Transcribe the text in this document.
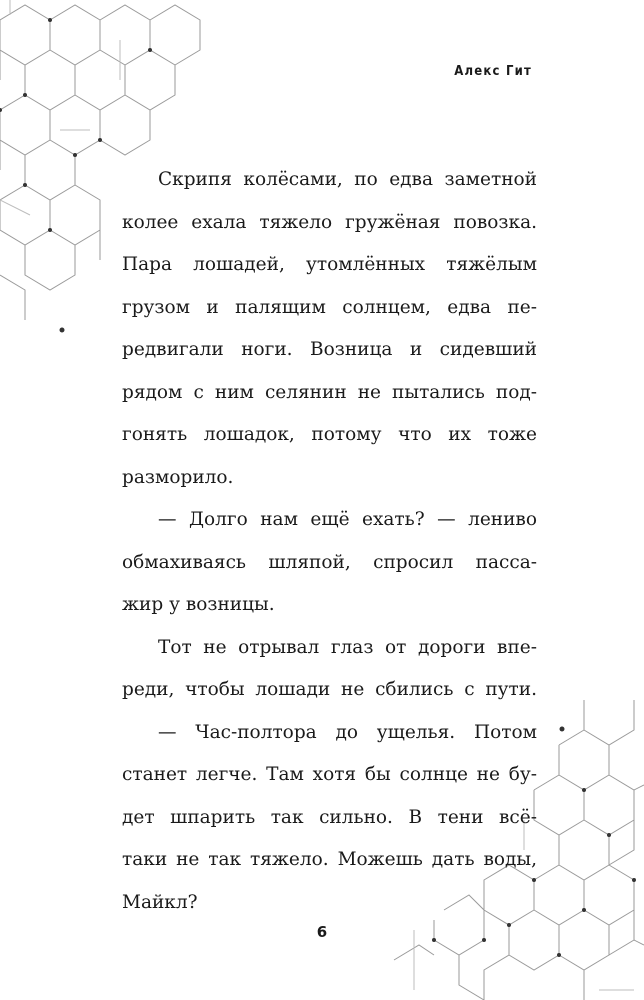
Алекс Гит
Скрипя колёсами, по едва заметной
колее ехала тяжело гружёная повозка.
Пара лошадей, утомлённых тяжёлым
грузом и палящим солнцем, едва пе-
редвигали ноги. Возница и сидевший
рядом с ним селянин не пытались под-
гонять лошадок, потому что их тоже
разморило.
— Долго нам ещё ехать? — лениво
обмахиваясь шляпой, спросил пасса-
жир у возницы.
Тот не отрывал глаз от дороги впе-
реди, чтобы лошади не сбились с пути.
— Час-полтора до ущелья. Потом
станет легче. Там хотя бы солнце не бу-
дет шпарить так сильно. В тени всё-
таки не так тяжело. Можешь дать воды,
Майкл?
6
